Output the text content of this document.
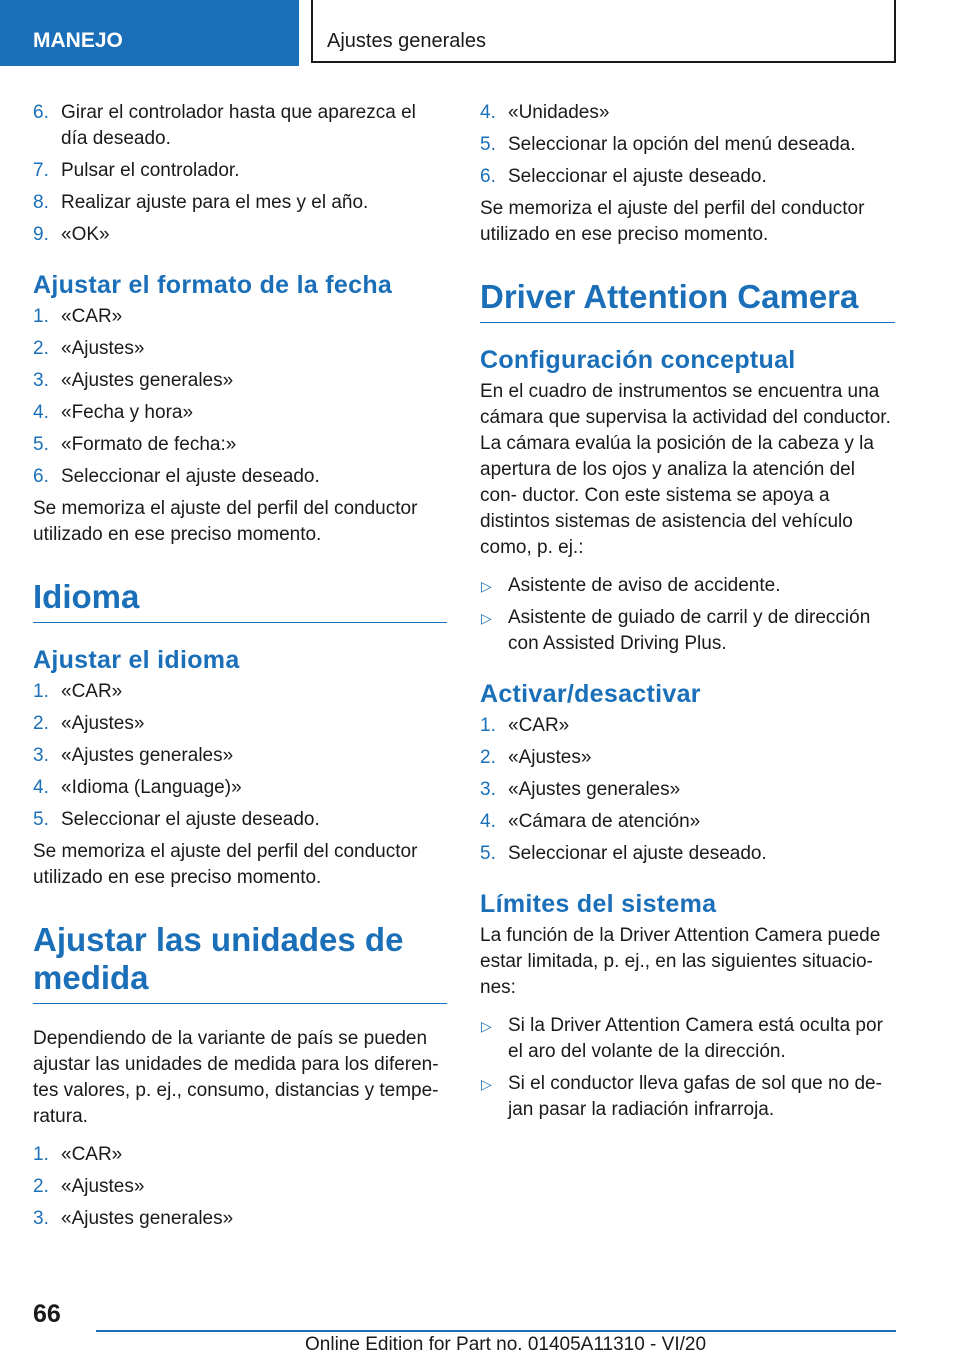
MANEJO	Ajustes generales
6. Girar el controlador hasta que aparezca el día deseado.
7. Pulsar el controlador.
8. Realizar ajuste para el mes y el año.
9. «OK»
Ajustar el formato de la fecha
1. «CAR»
2. «Ajustes»
3. «Ajustes generales»
4. «Fecha y hora»
5. «Formato de fecha:»
6. Seleccionar el ajuste deseado.

Se memoriza el ajuste del perfil del conductor utilizado en ese preciso momento.

Idioma
Ajustar el idioma
1. «CAR»
2. «Ajustes»
3. «Ajustes generales»
4. «Idioma (Language)»
5. Seleccionar el ajuste deseado.

Se memoriza el ajuste del perfil del conductor utilizado en ese preciso momento.

Ajustar las unidades de medida

Dependiendo de la variante de país se pueden ajustar las unidades de medida para los diferen- tes valores, p. ej., consumo, distancias y tempe- ratura.

1. «CAR»
2. «Ajustes»
3. «Ajustes generales»
4. «Unidades»
5. Seleccionar la opción del menú deseada.
6. Seleccionar el ajuste deseado.

Se memoriza el ajuste del perfil del conductor utilizado en ese preciso momento.

Driver Attention Camera
Configuración conceptual

En el cuadro de instrumentos se encuentra una cámara que supervisa la actividad del conductor. La cámara evalúa la posición de la cabeza y la apertura de los ojos y analiza la atención del con- ductor. Con este sistema se apoya a distintos sistemas de asistencia del vehículo como, p. ej.:

▷ Asistente de aviso de accidente.
▷ Asistente de guiado de carril y de dirección con Assisted Driving Plus.
Activar/desactivar
1. «CAR»
2. «Ajustes»
3. «Ajustes generales»
4. «Cámara de atención»
5. Seleccionar el ajuste deseado.
Límites del sistema

La función de la Driver Attention Camera puede estar limitada, p. ej., en las siguientes situacio- nes:

▷ Si la Driver Attention Camera está oculta por el aro del volante de la dirección.
▷ Si el conductor lleva gafas de sol que no de- jan pasar la radiación infrarroja.
66
Online Edition for Part no. 01405A11310 - VI/20
